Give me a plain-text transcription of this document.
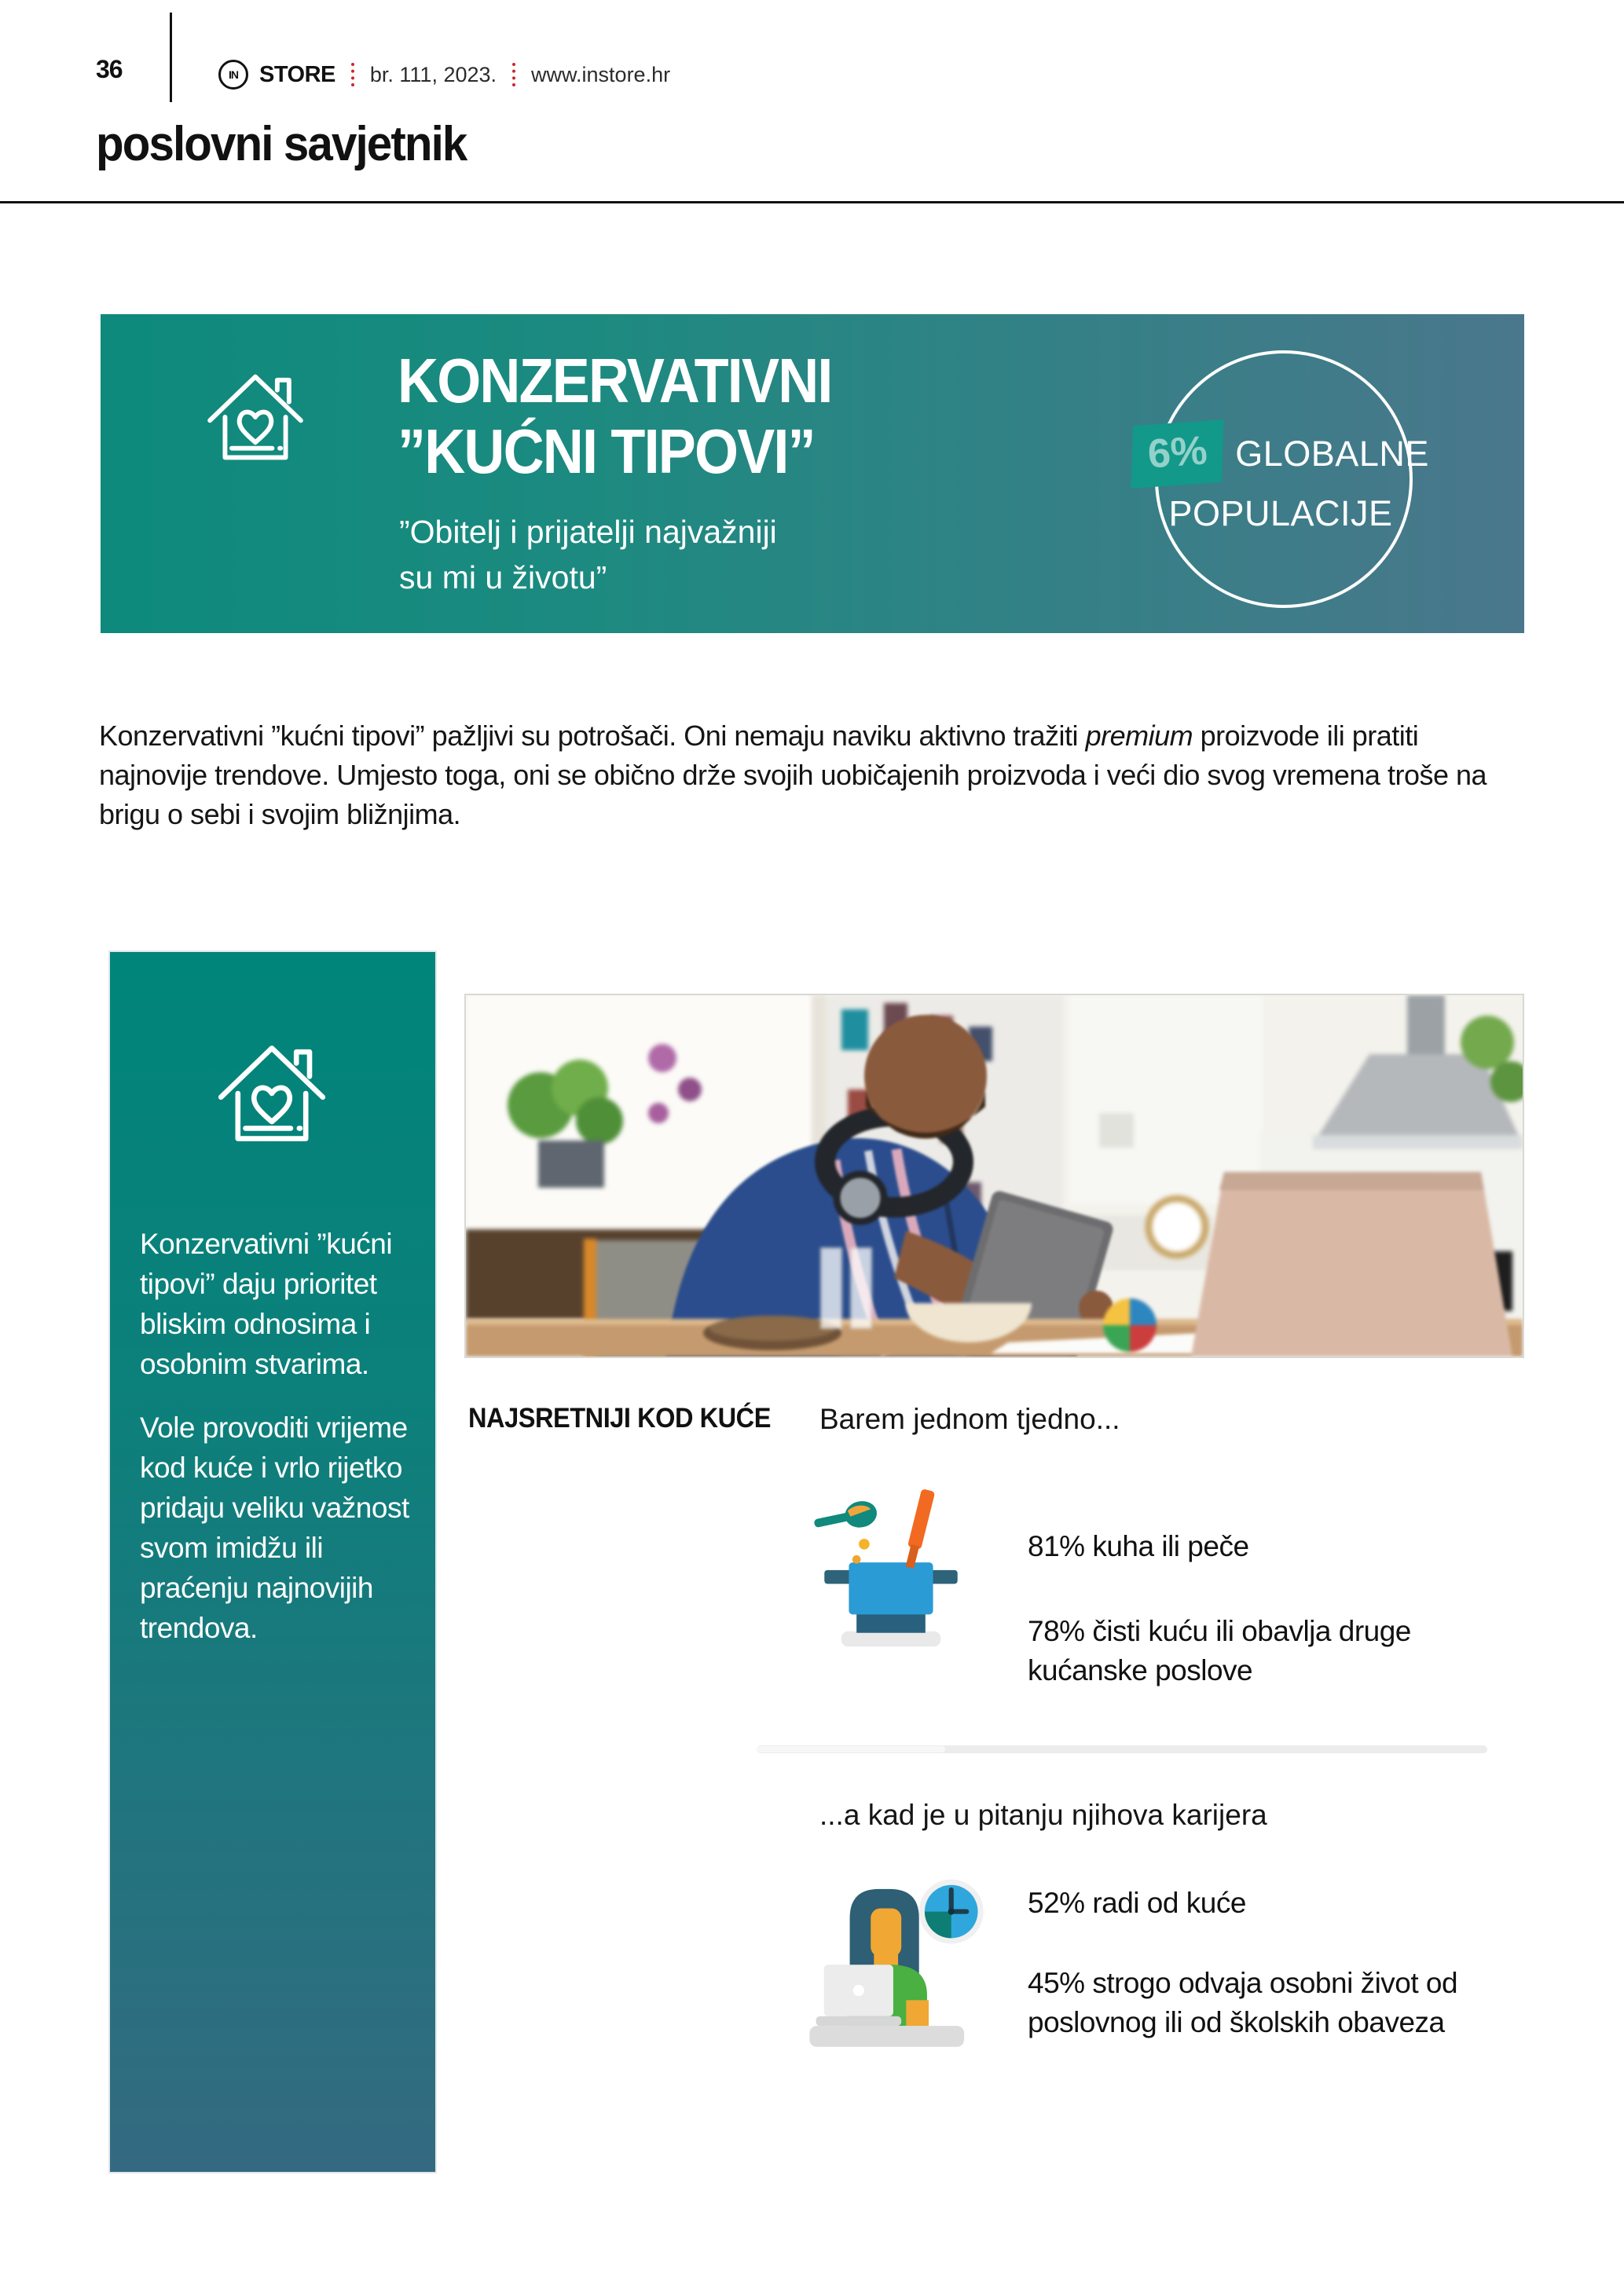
36	IN STORE br. 111, 2023. www.instore.hr
poslovni savjetnik
KONZERVATIVNI
”KUĆNI TIPOVI”
”Obitelj i prijatelji najvažniji
su mi u životu”
6% GLOBALNE
POPULACIJE
Konzervativni ”kućni tipovi” pažljivi su potrošači. Oni nemaju naviku aktivno tražiti premium proizvode ili pratiti najnovije trendove. Umjesto toga, oni se obično drže svojih uobičajenih proizvoda i veći dio svog vremena troše na brigu o sebi i svojim bližnjima.

Konzervativni ”kućni tipovi” daju prioritet bliskim odnosima i osobnim stvarima.

Vole provoditi vrijeme kod kuće i vrlo rijetko pridaju veliku važnost svom imidžu ili praćenju najnovijih trendova.

NAJSRETNIJI KOD KUĆE Barem jednom tjedno...
81% kuha ili peče
78% čisti kuću ili obavlja druge kućanske poslove
...a kad je u pitanju njihova karijera
52% radi od kuće
45% strogo odvaja osobni život od poslovnog ili od školskih obaveza
